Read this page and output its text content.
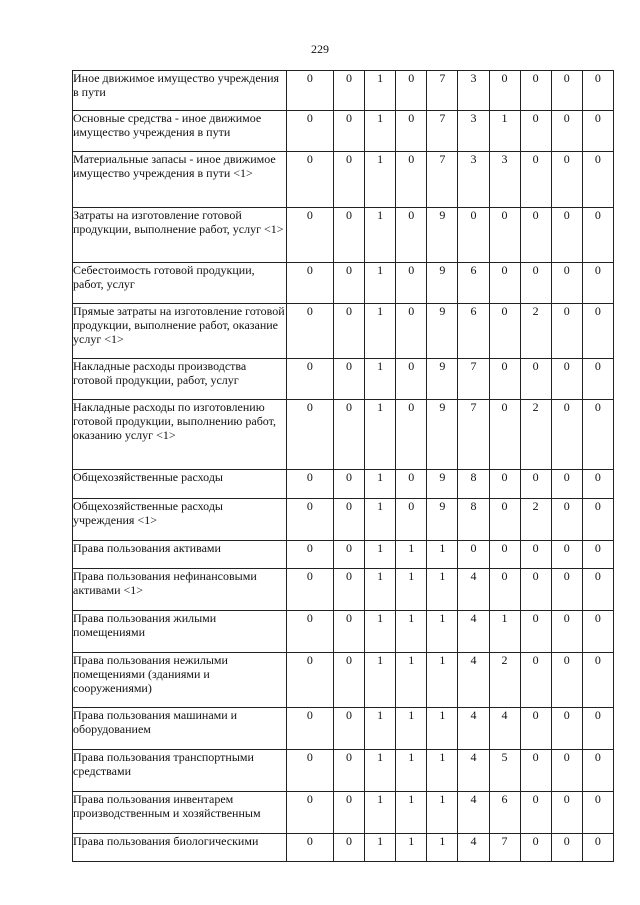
229
Иное движимое имущество учреждения в пути	0	0	1	0	7	3	0	0	0	0
Основные средства - иное движимое имущество учреждения в пути	0	0	1	0	7	3	1	0	0	0
Материальные запасы - иное движимое имущество учреждения в пути <1>	0	0	1	0	7	3	3	0	0	0
Затраты на изготовление готовой продукции, выполнение работ, услуг <1>	0	0	1	0	9	0	0	0	0	0
Себестоимость готовой продукции, работ, услуг	0	0	1	0	9	6	0	0	0	0
Прямые затраты на изготовление готовой продукции, выполнение работ, оказание услуг <1>	0	0	1	0	9	6	0	2	0	0
Накладные расходы производства готовой продукции, работ, услуг	0	0	1	0	9	7	0	0	0	0
Накладные расходы по изготовлению готовой продукции, выполнению работ, оказанию услуг <1>	0	0	1	0	9	7	0	2	0	0
Общехозяйственные расходы	0	0	1	0	9	8	0	0	0	0
Общехозяйственные расходы учреждения <1>	0	0	1	0	9	8	0	2	0	0
Права пользования активами	0	0	1	1	1	0	0	0	0	0
Права пользования нефинансовыми активами <1>	0	0	1	1	1	4	0	0	0	0
Права пользования жилыми помещениями	0	0	1	1	1	4	1	0	0	0
Права пользования нежилыми помещениями (зданиями и сооружениями)	0	0	1	1	1	4	2	0	0	0
Права пользования машинами и оборудованием	0	0	1	1	1	4	4	0	0	0
Права пользования транспортными средствами	0	0	1	1	1	4	5	0	0	0
Права пользования инвентарем производственным и хозяйственным	0	0	1	1	1	4	6	0	0	0
Права пользования биологическими	0	0	1	1	1	4	7	0	0	0
